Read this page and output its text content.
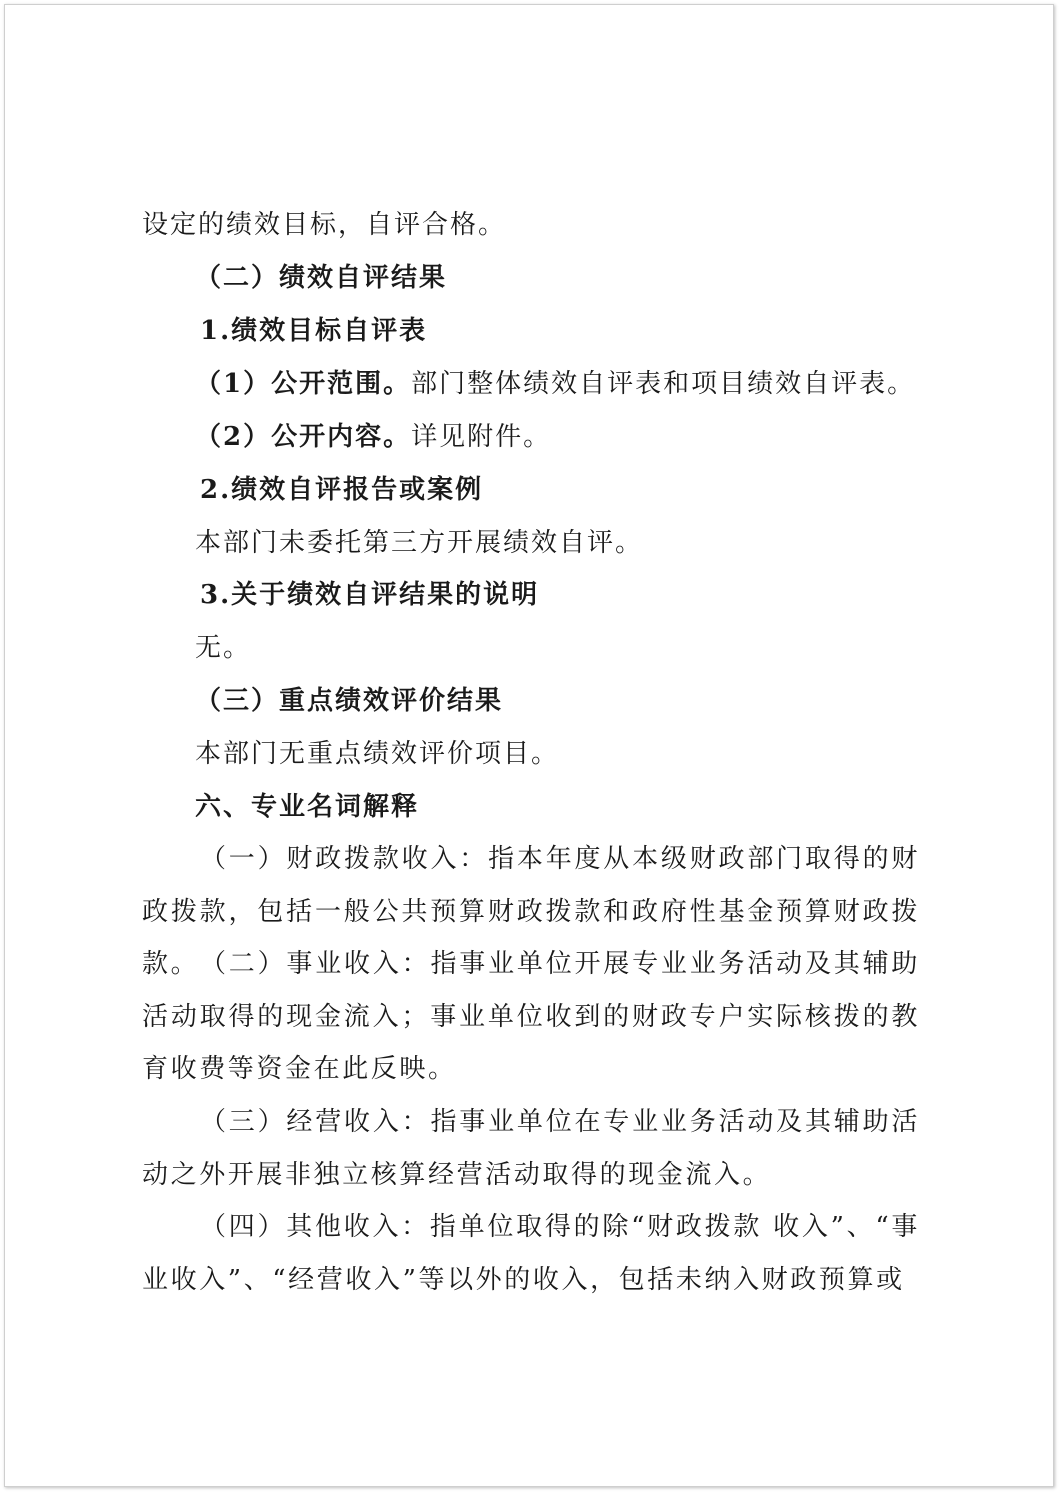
设定的绩效目标，自评合格。
（二）绩效自评结果
1.绩效目标自评表
（1）公开范围。部门整体绩效自评表和项目绩效自评表。
（2）公开内容。详见附件。
2.绩效自评报告或案例
本部门未委托第三方开展绩效自评。
3.关于绩效自评结果的说明
无。
（三）重点绩效评价结果
本部门无重点绩效评价项目。
六、专业名词解释
（一）财政拨款收入：指本年度从本级财政部门取得的财政拨款，包括一般公共预算财政拨款和政府性基金预算财政拨款。 （二）事业收入：指事业单位开展专业业务活动及其辅助活动取得的现金流入；事业单位收到的财政专户实际核拨的教育收费等资金在此反映。
（三）经营收入：指事业单位在专业业务活动及其辅助活动之外开展非独立核算经营活动取得的现金流入。
（四）其他收入：指单位取得的除“财政拨款 收入”、“事业收入”、“经营收入”等以外的收入，包括未纳入财政预算或
